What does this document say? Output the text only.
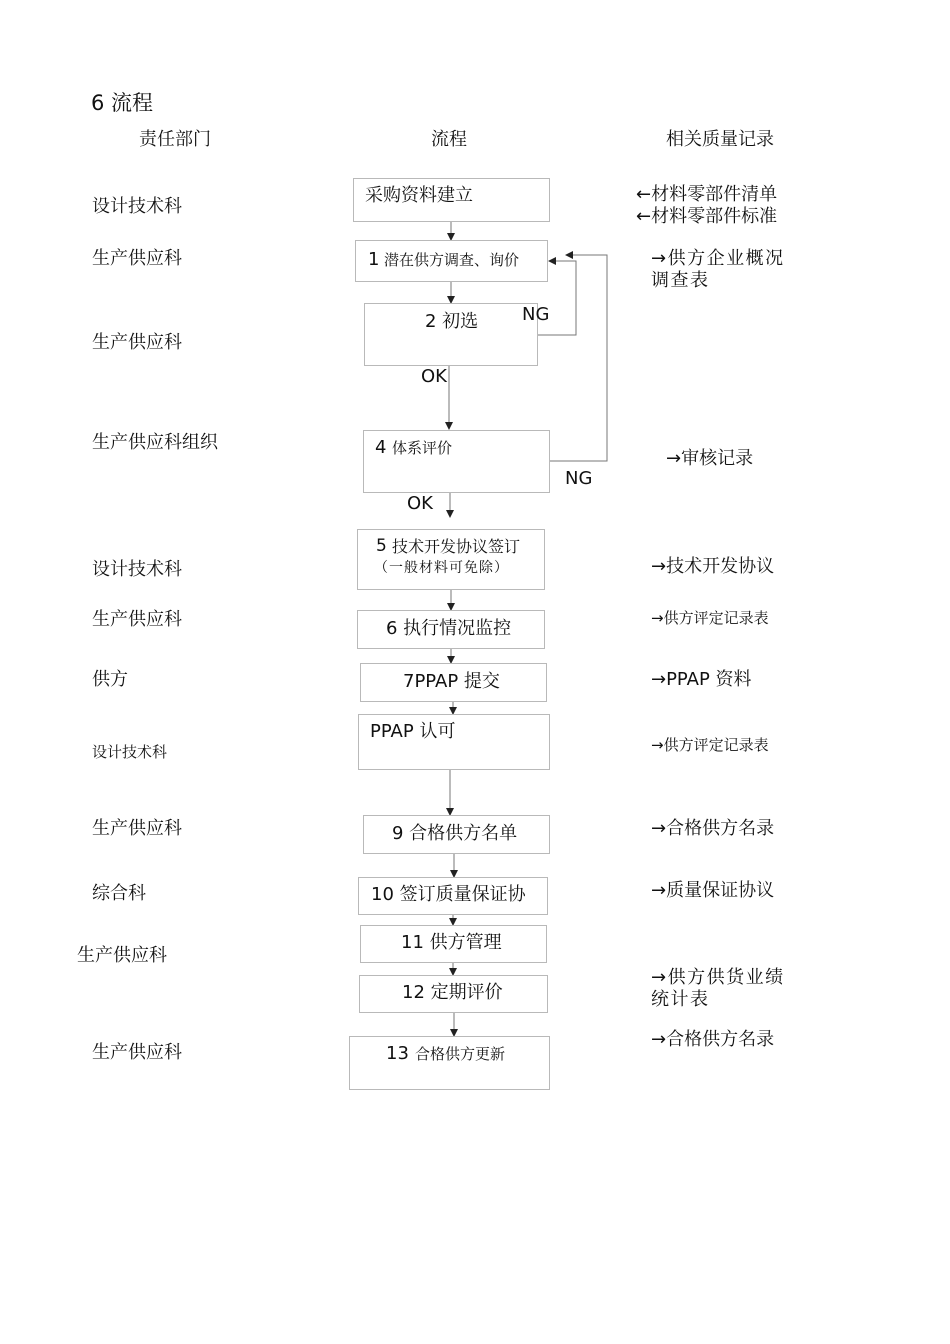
6 流程
责任部门	流程	相关质量记录
设计技术科
生产供应科
生产供应科
生产供应科组织
设计技术科
生产供应科
供方
设计技术科
生产供应科
综合科
生产供应科
生产供应科
采购资料建立
1 潜在供方调查、询价
2 初选
4 体系评价
5 技术开发协议签订
（一般材料可免除）
6 执行情况监控
7PPAP 提交
PPAP 认可
9 合格供方名单
10 签订质量保证协
11 供方管理
12 定期评价
13 合格供方更新
NG
OK
NG
OK
←材料零部件清单
←材料零部件标准
→供方企业概况调查表
→审核记录
→技术开发协议
→供方评定记录表
→PPAP 资料
→供方评定记录表
→合格供方名录
→质量保证协议
→供方供货业绩统计表
→合格供方名录
